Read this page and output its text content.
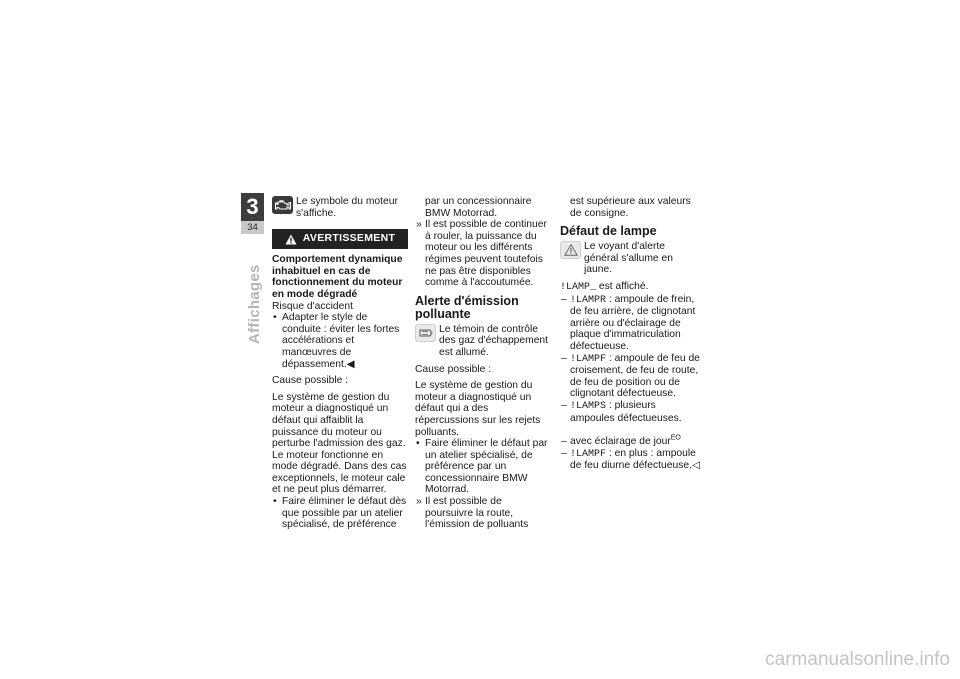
3
34
Affichages

Le symbole du moteur s'affiche.

AVERTISSEMENT

Comportement dynamique inhabituel en cas de fonctionnement du moteur en mode dégradé

Risque d'accident

• Adapter le style de conduite : éviter les fortes accélérations et manœuvres de dépassement.◀

Cause possible :

Le système de gestion du moteur a diagnostiqué un défaut qui affaiblit la puissance du moteur ou perturbe l'admission des gaz. Le moteur fonctionne en mode dégradé. Dans des cas exceptionnels, le moteur cale et ne peut plus démarrer.

• Faire éliminer le défaut dès que possible par un atelier spécialisé, de préférence

par un concessionnaire BMW Motorrad.

» Il est possible de continuer à rouler, la puissance du moteur ou les différents régimes peuvent toutefois ne pas être disponibles comme à l'accoutumée.

Alerte d'émission polluante

Le témoin de contrôle des gaz d'échappement est allumé.

Cause possible :

Le système de gestion du moteur a diagnostiqué un défaut qui a des répercussions sur les rejets polluants.

• Faire éliminer le défaut par un atelier spécialisé, de préférence par un concessionnaire BMW Motorrad.

» Il est possible de poursuivre la route, l'émission de polluants

est supérieure aux valeurs de consigne.

Défaut de lampe

Le voyant d'alerte général s'allume en jaune.

!LAMP_ est affiché.

– !LAMPR : ampoule de frein, de feu arrière, de clignotant arrière ou d'éclairage de plaque d'immatriculation défectueuse.

– !LAMPF : ampoule de feu de croisement, de feu de route, de feu de position ou de clignotant défectueuse.

– !LAMPS : plusieurs ampoules défectueuses.

– avec éclairage de jour$^{EO}$

– !LAMPF : en plus : ampoule de feu diurne défectueuse.◁

carmanualsonline.info
